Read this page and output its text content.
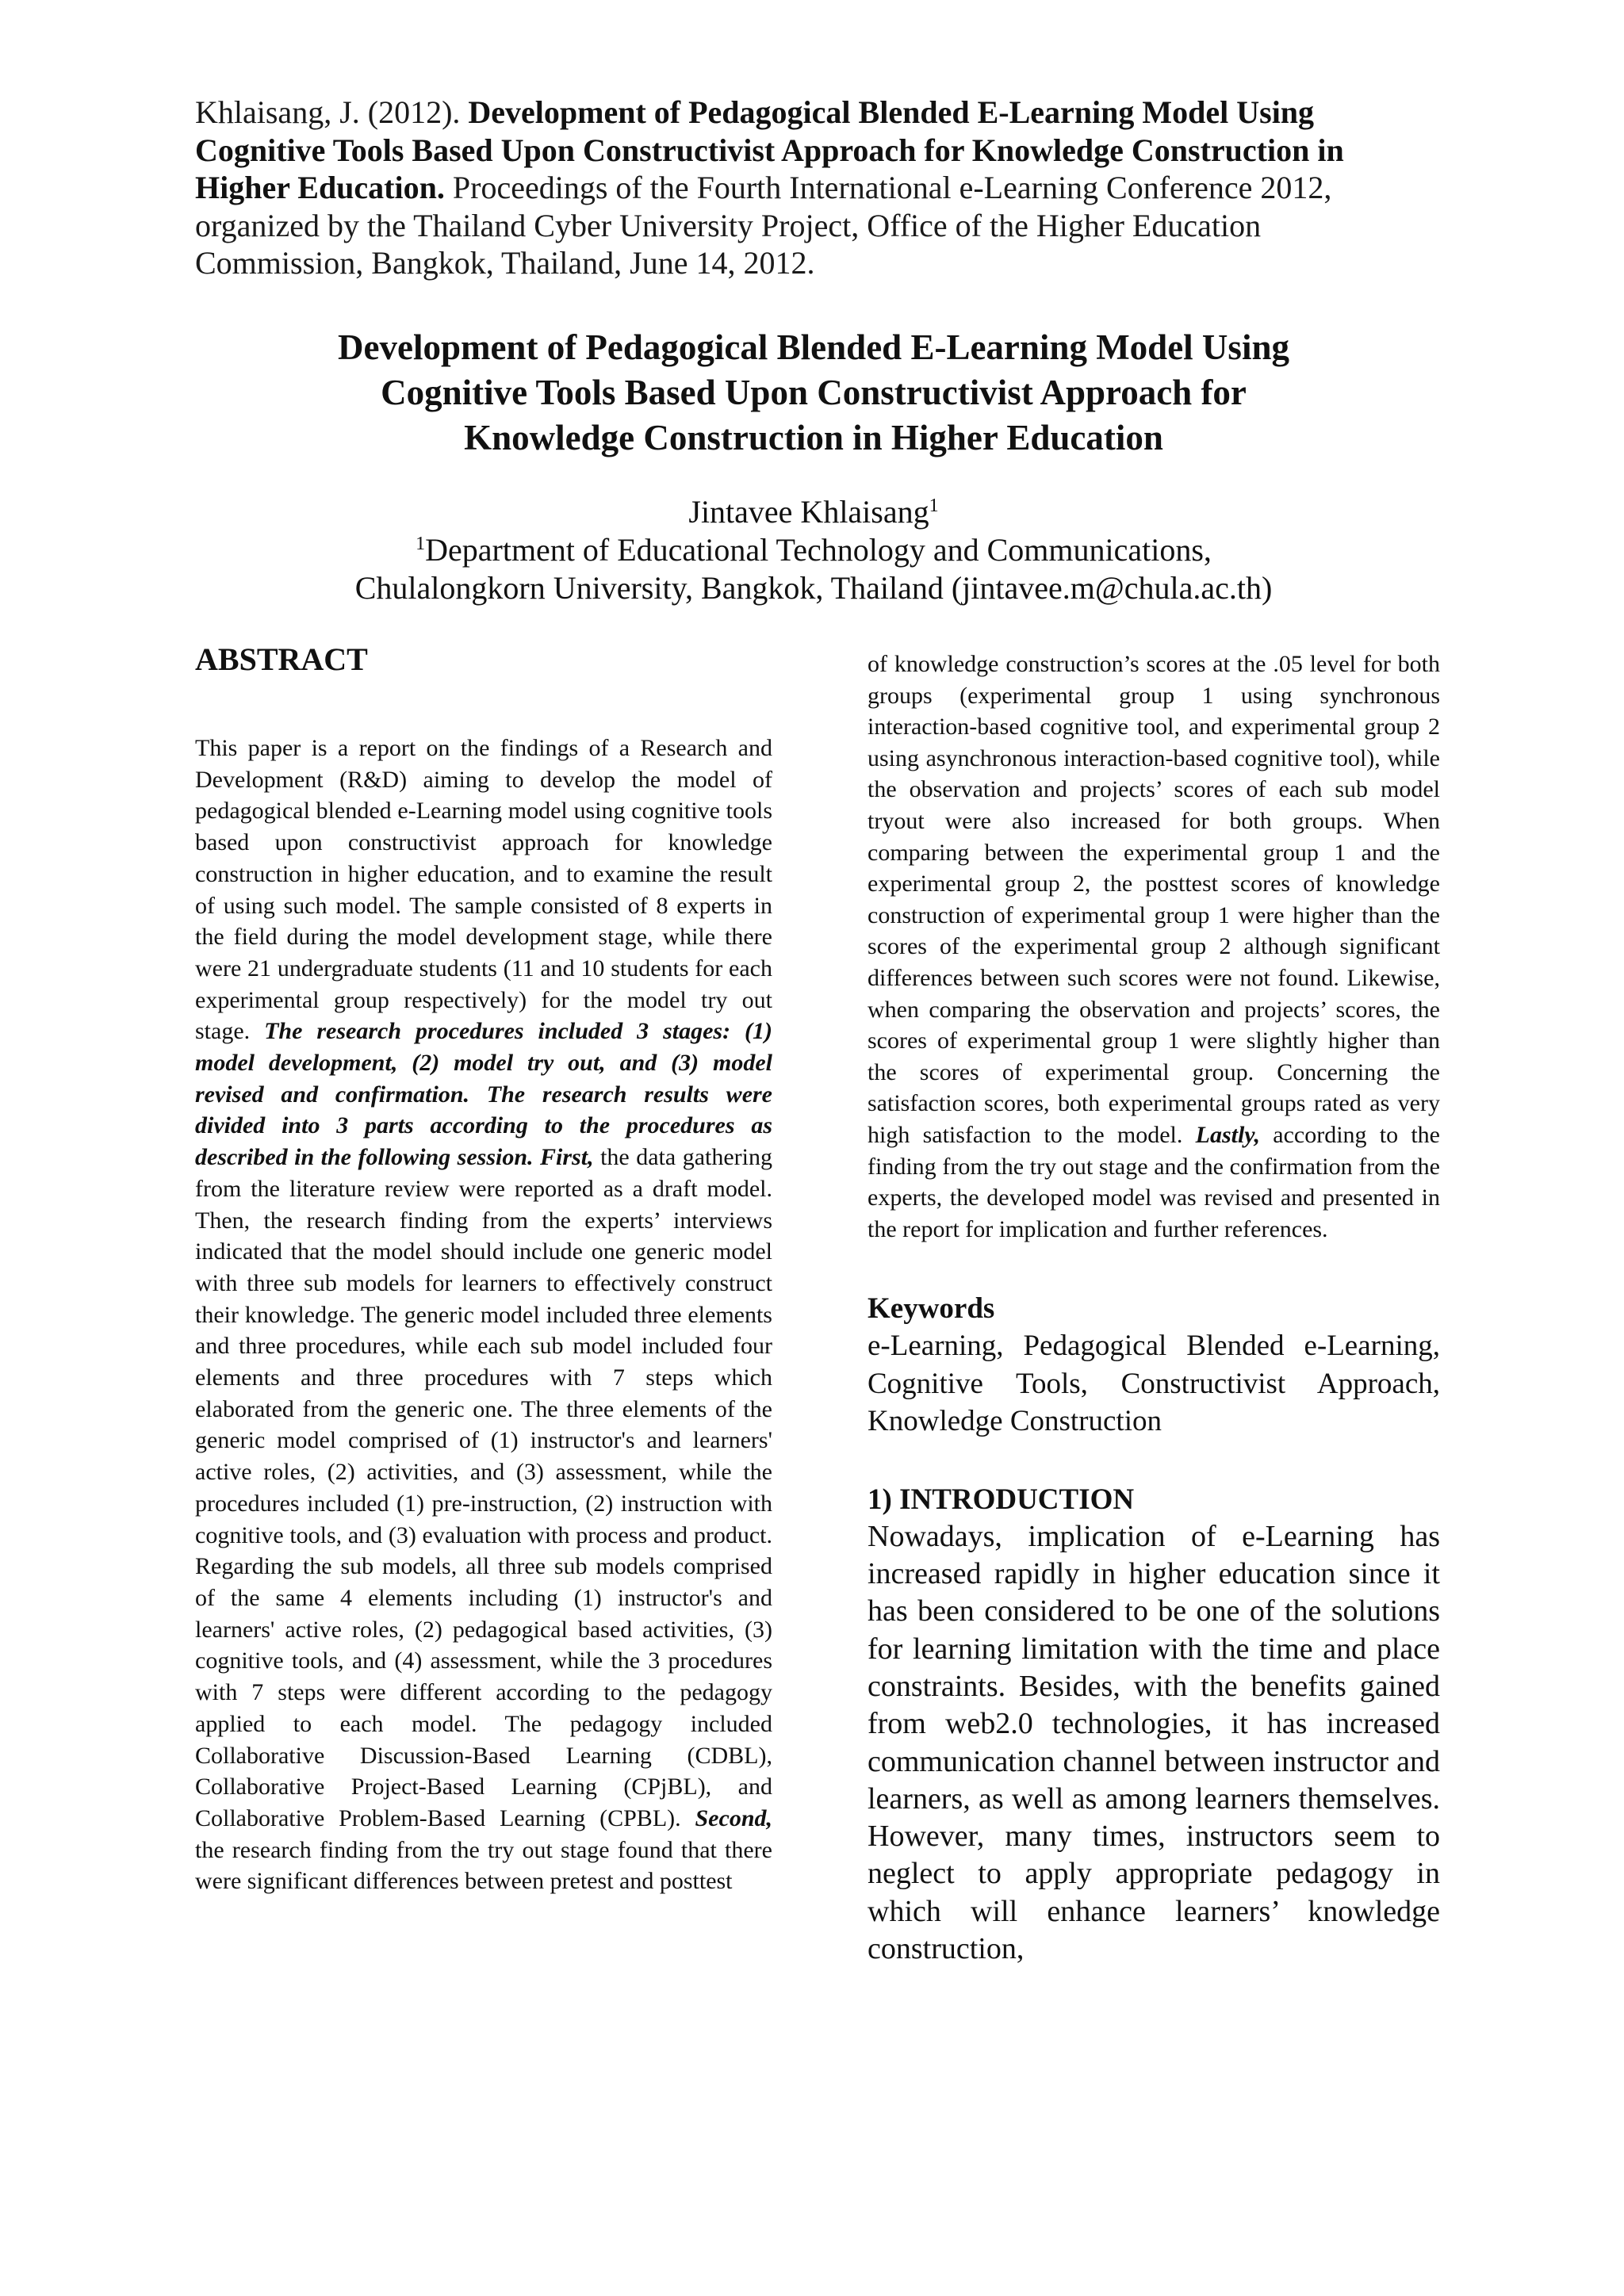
Khlaisang, J. (2012). Development of Pedagogical Blended E-Learning Model Using Cognitive Tools Based Upon Constructivist Approach for Knowledge Construction in Higher Education. Proceedings of the Fourth International e-Learning Conference 2012, organized by the Thailand Cyber University Project, Office of the Higher Education Commission, Bangkok, Thailand, June 14, 2012.
Development of Pedagogical Blended E-Learning Model Using
Cognitive Tools Based Upon Constructivist Approach for
Knowledge Construction in Higher Education
Jintavee Khlaisang$^1$
$^1$Department of Educational Technology and Communications,
Chulalongkorn University, Bangkok, Thailand (jintavee.m@chula.ac.th)
ABSTRACT

This paper is a report on the findings of a Research and Development (R&D) aiming to develop the model of pedagogical blended e-Learning model using cognitive tools based upon constructivist approach for knowledge construction in higher education, and to examine the result of using such model. The sample consisted of 8 experts in the field during the model development stage, while there were 21 undergraduate students (11 and 10 students for each experimental group respectively) for the model try out stage. The research procedures included 3 stages: (1) model development, (2) model try out, and (3) model revised and confirmation. The research results were divided into 3 parts according to the procedures as described in the following session. First, the data gathering from the literature review were reported as a draft model. Then, the research finding from the experts’ interviews indicated that the model should include one generic model with three sub models for learners to effectively construct their knowledge. The generic model included three elements and three procedures, while each sub model included four elements and three procedures with 7 steps which elaborated from the generic one. The three elements of the generic model comprised of (1) instructor's and learners' active roles, (2) activities, and (3) assessment, while the procedures included (1) pre-instruction, (2) instruction with cognitive tools, and (3) evaluation with process and product. Regarding the sub models, all three sub models comprised of the same 4 elements including (1) instructor's and learners' active roles, (2) pedagogical based activities, (3) cognitive tools, and (4) assessment, while the 3 procedures with 7 steps were different according to the pedagogy applied to each model. The pedagogy included Collaborative Discussion-Based Learning (CDBL), Collaborative Project-Based Learning (CPjBL), and Collaborative Problem-Based Learning (CPBL). Second, the research finding from the try out stage found that there were significant differences between pretest and posttest

of knowledge construction’s scores at the .05 level for both groups (experimental group 1 using synchronous interaction-based cognitive tool, and experimental group 2 using asynchronous interaction-based cognitive tool), while the observation and projects’ scores of each sub model tryout were also increased for both groups. When comparing between the experimental group 1 and the experimental group 2, the posttest scores of knowledge construction of experimental group 1 were higher than the scores of the experimental group 2 although significant differences between such scores were not found. Likewise, when comparing the observation and projects’ scores, the scores of experimental group 1 were slightly higher than the scores of experimental group. Concerning the satisfaction scores, both experimental groups rated as very high satisfaction to the model. Lastly, according to the finding from the try out stage and the confirmation from the experts, the developed model was revised and presented in the report for implication and further references.

Keywords

e-Learning, Pedagogical Blended e-Learning, Cognitive Tools, Constructivist Approach, Knowledge Construction

1) INTRODUCTION

Nowadays, implication of e-Learning has increased rapidly in higher education since it has been considered to be one of the solutions for learning limitation with the time and place constraints. Besides, with the benefits gained from web2.0 technologies, it has increased communication channel between instructor and learners, as well as among learners themselves. However, many times, instructors seem to neglect to apply appropriate pedagogy in which will enhance learners’ knowledge construction,
